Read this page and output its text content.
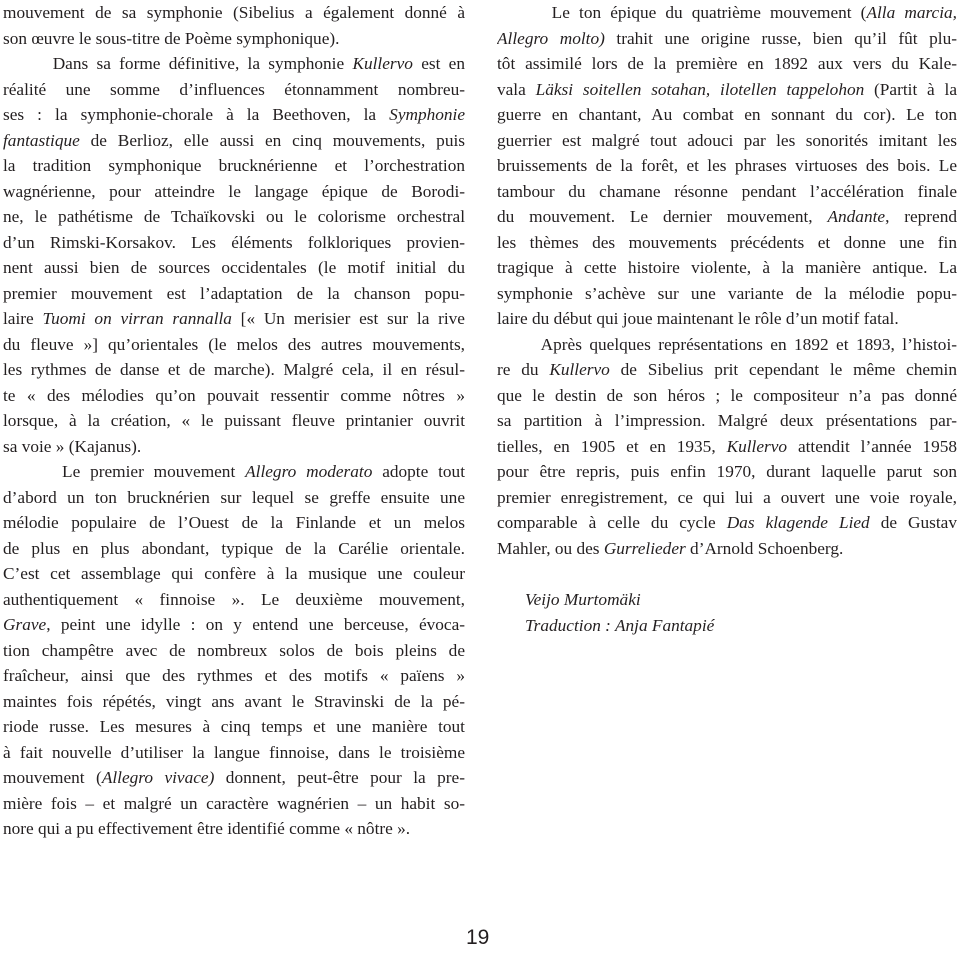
mouvement de sa symphonie (Sibelius a également donné à
son œuvre le sous-titre de Poème symphonique).
Dans sa forme définitive, la symphonie Kullervo est en
réalité une somme d’influences étonnamment nombreu-
ses : la symphonie-chorale à la Beethoven, la Symphonie
fantastique de Berlioz, elle aussi en cinq mouvements, puis
la tradition symphonique brucknérienne et l’orchestration
wagnérienne, pour atteindre le langage épique de Borodi-
ne, le pathétisme de Tchaïkovski ou le colorisme orchestral
d’un Rimski-Korsakov. Les éléments folkloriques provien-
nent aussi bien de sources occidentales (le motif initial du
premier mouvement est l’adaptation de la chanson popu-
laire Tuomi on virran rannalla [« Un merisier est sur la rive
du fleuve »] qu’orientales (le melos des autres mouvements,
les rythmes de danse et de marche). Malgré cela, il en résul-
te « des mélodies qu’on pouvait ressentir comme nôtres »
lorsque, à la création, « le puissant fleuve printanier ouvrit
sa voie » (Kajanus).
Le premier mouvement Allegro moderato adopte tout
d’abord un ton brucknérien sur lequel se greffe ensuite une
mélodie populaire de l’Ouest de la Finlande et un melos
de plus en plus abondant, typique de la Carélie orientale.
C’est cet assemblage qui confère à la musique une couleur
authentiquement « finnoise ». Le deuxième mouvement,
Grave, peint une idylle : on y entend une berceuse, évoca-
tion champêtre avec de nombreux solos de bois pleins de
fraîcheur, ainsi que des rythmes et des motifs « païens »
maintes fois répétés, vingt ans avant le Stravinski de la pé-
riode russe. Les mesures à cinq temps et une manière tout
à fait nouvelle d’utiliser la langue finnoise, dans le troisième
mouvement (Allegro vivace) donnent, peut-être pour la pre-
mière fois – et malgré un caractère wagnérien – un habit so-
nore qui a pu effectivement être identifié comme « nôtre ».
Le ton épique du quatrième mouvement (Alla marcia,
Allegro molto) trahit une origine russe, bien qu’il fût plu-
tôt assimilé lors de la première en 1892 aux vers du Kale-
vala Läksi soitellen sotahan, ilotellen tappelohon (Partit à la
guerre en chantant, Au combat en sonnant du cor). Le ton
guerrier est malgré tout adouci par les sonorités imitant les
bruissements de la forêt, et les phrases virtuoses des bois. Le
tambour du chamane résonne pendant l’accélération finale
du mouvement. Le dernier mouvement, Andante, reprend
les thèmes des mouvements précédents et donne une fin
tragique à cette histoire violente, à la manière antique. La
symphonie s’achève sur une variante de la mélodie popu-
laire du début qui joue maintenant le rôle d’un motif fatal.
Après quelques représentations en 1892 et 1893, l’histoi-
re du Kullervo de Sibelius prit cependant le même chemin
que le destin de son héros ; le compositeur n’a pas donné
sa partition à l’impression. Malgré deux présentations par-
tielles, en 1905 et en 1935, Kullervo attendit l’année 1958
pour être repris, puis enfin 1970, durant laquelle parut son
premier enregistrement, ce qui lui a ouvert une voie royale,
comparable à celle du cycle Das klagende Lied de Gustav
Mahler, ou des Gurrelieder d’Arnold Schoenberg.
Veijo Murtomäki
Traduction : Anja Fantapié
19
